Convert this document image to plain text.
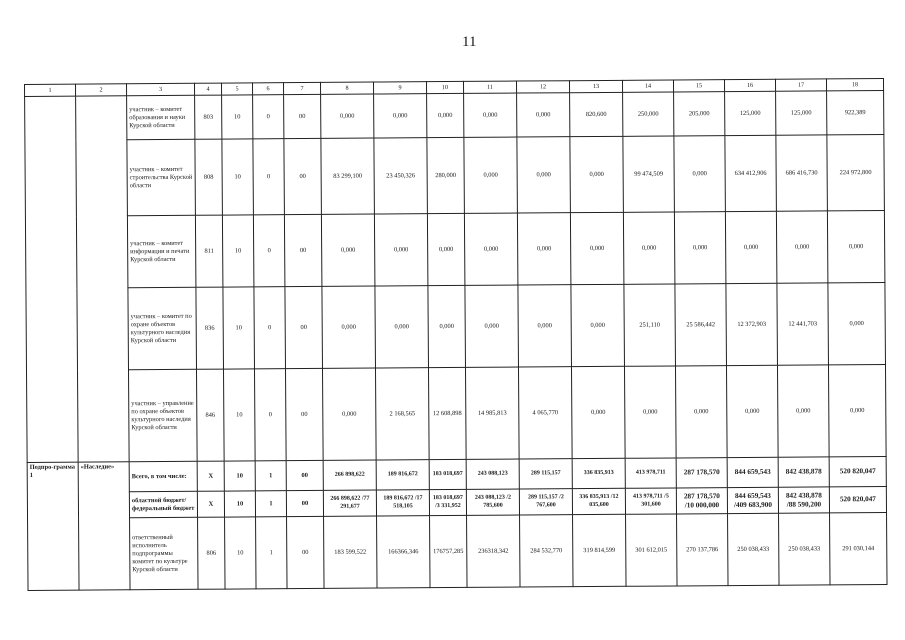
11
1	2	3	4	5	6	7	8	9	10	11	12	13	14	15	16	17	18
		участник – комитет образования и науки Курской области	803	10	0	00	0,000	0,000	0,000	0,000	0,000	820,600	250,000	205,000	125,000	125,000	922,389
		участник – комитет строительства Курской области	808	10	0	00	83 299,100	23 450,326	280,000	0,000	0,000	0,000	99 474,509	0,000	634 412,906	686 416,730	224 972,800
		участник – комитет информации и печати Курской области	811	10	0	00	0,000	0,000	0,000	0,000	0,000	0,000	0,000	0,000	0,000	0,000	0,000
		участник – комитет по охране объектов культурного наследия Курской области	836	10	0	00	0,000	0,000	0,000	0,000	0,000	0,000	251,110	25 586,442	12 372,903	12 441,703	0,000
		участник – управление по охране объектов культурного наследия Курской области	846	10	0	00	0,000	2 168,565	12 608,898	14 985,813	4 065,770	0,000	0,000	0,000	0,000	0,000	0,000
Подпро-грамма 1	«Наследие»	Всего, в том числе:	Х	10	1	00	266 898,622	189 816,672	183 018,697	243 088,123	289 115,157	336 835,913	413 978,711	287 178,570	844 659,543	842 438,878	520 820,047
		областной бюджет/ федеральный бюджет	Х	10	1	00	266 898,622 /77 291,677	189 816,672 /17 518,105	183 018,697 /3 331,952	243 088,123 /2 785,600	289 115,157 /2 767,600	336 835,913 /12 035,600	413 978,711 /5 301,600	287 178,570 /10 000,000	844 659,543 /409 683,900	842 438,878 /88 590,200	520 820,047
		ответственный исполнитель подпрограммы комитет по культуре Курской области	806	10	1	00	183 599,522	166366,346	176757,285	236318,342	284 532,770	319 814,599	301 612,015	270 137,786	250 038,433	250 038,433	291 030,144
